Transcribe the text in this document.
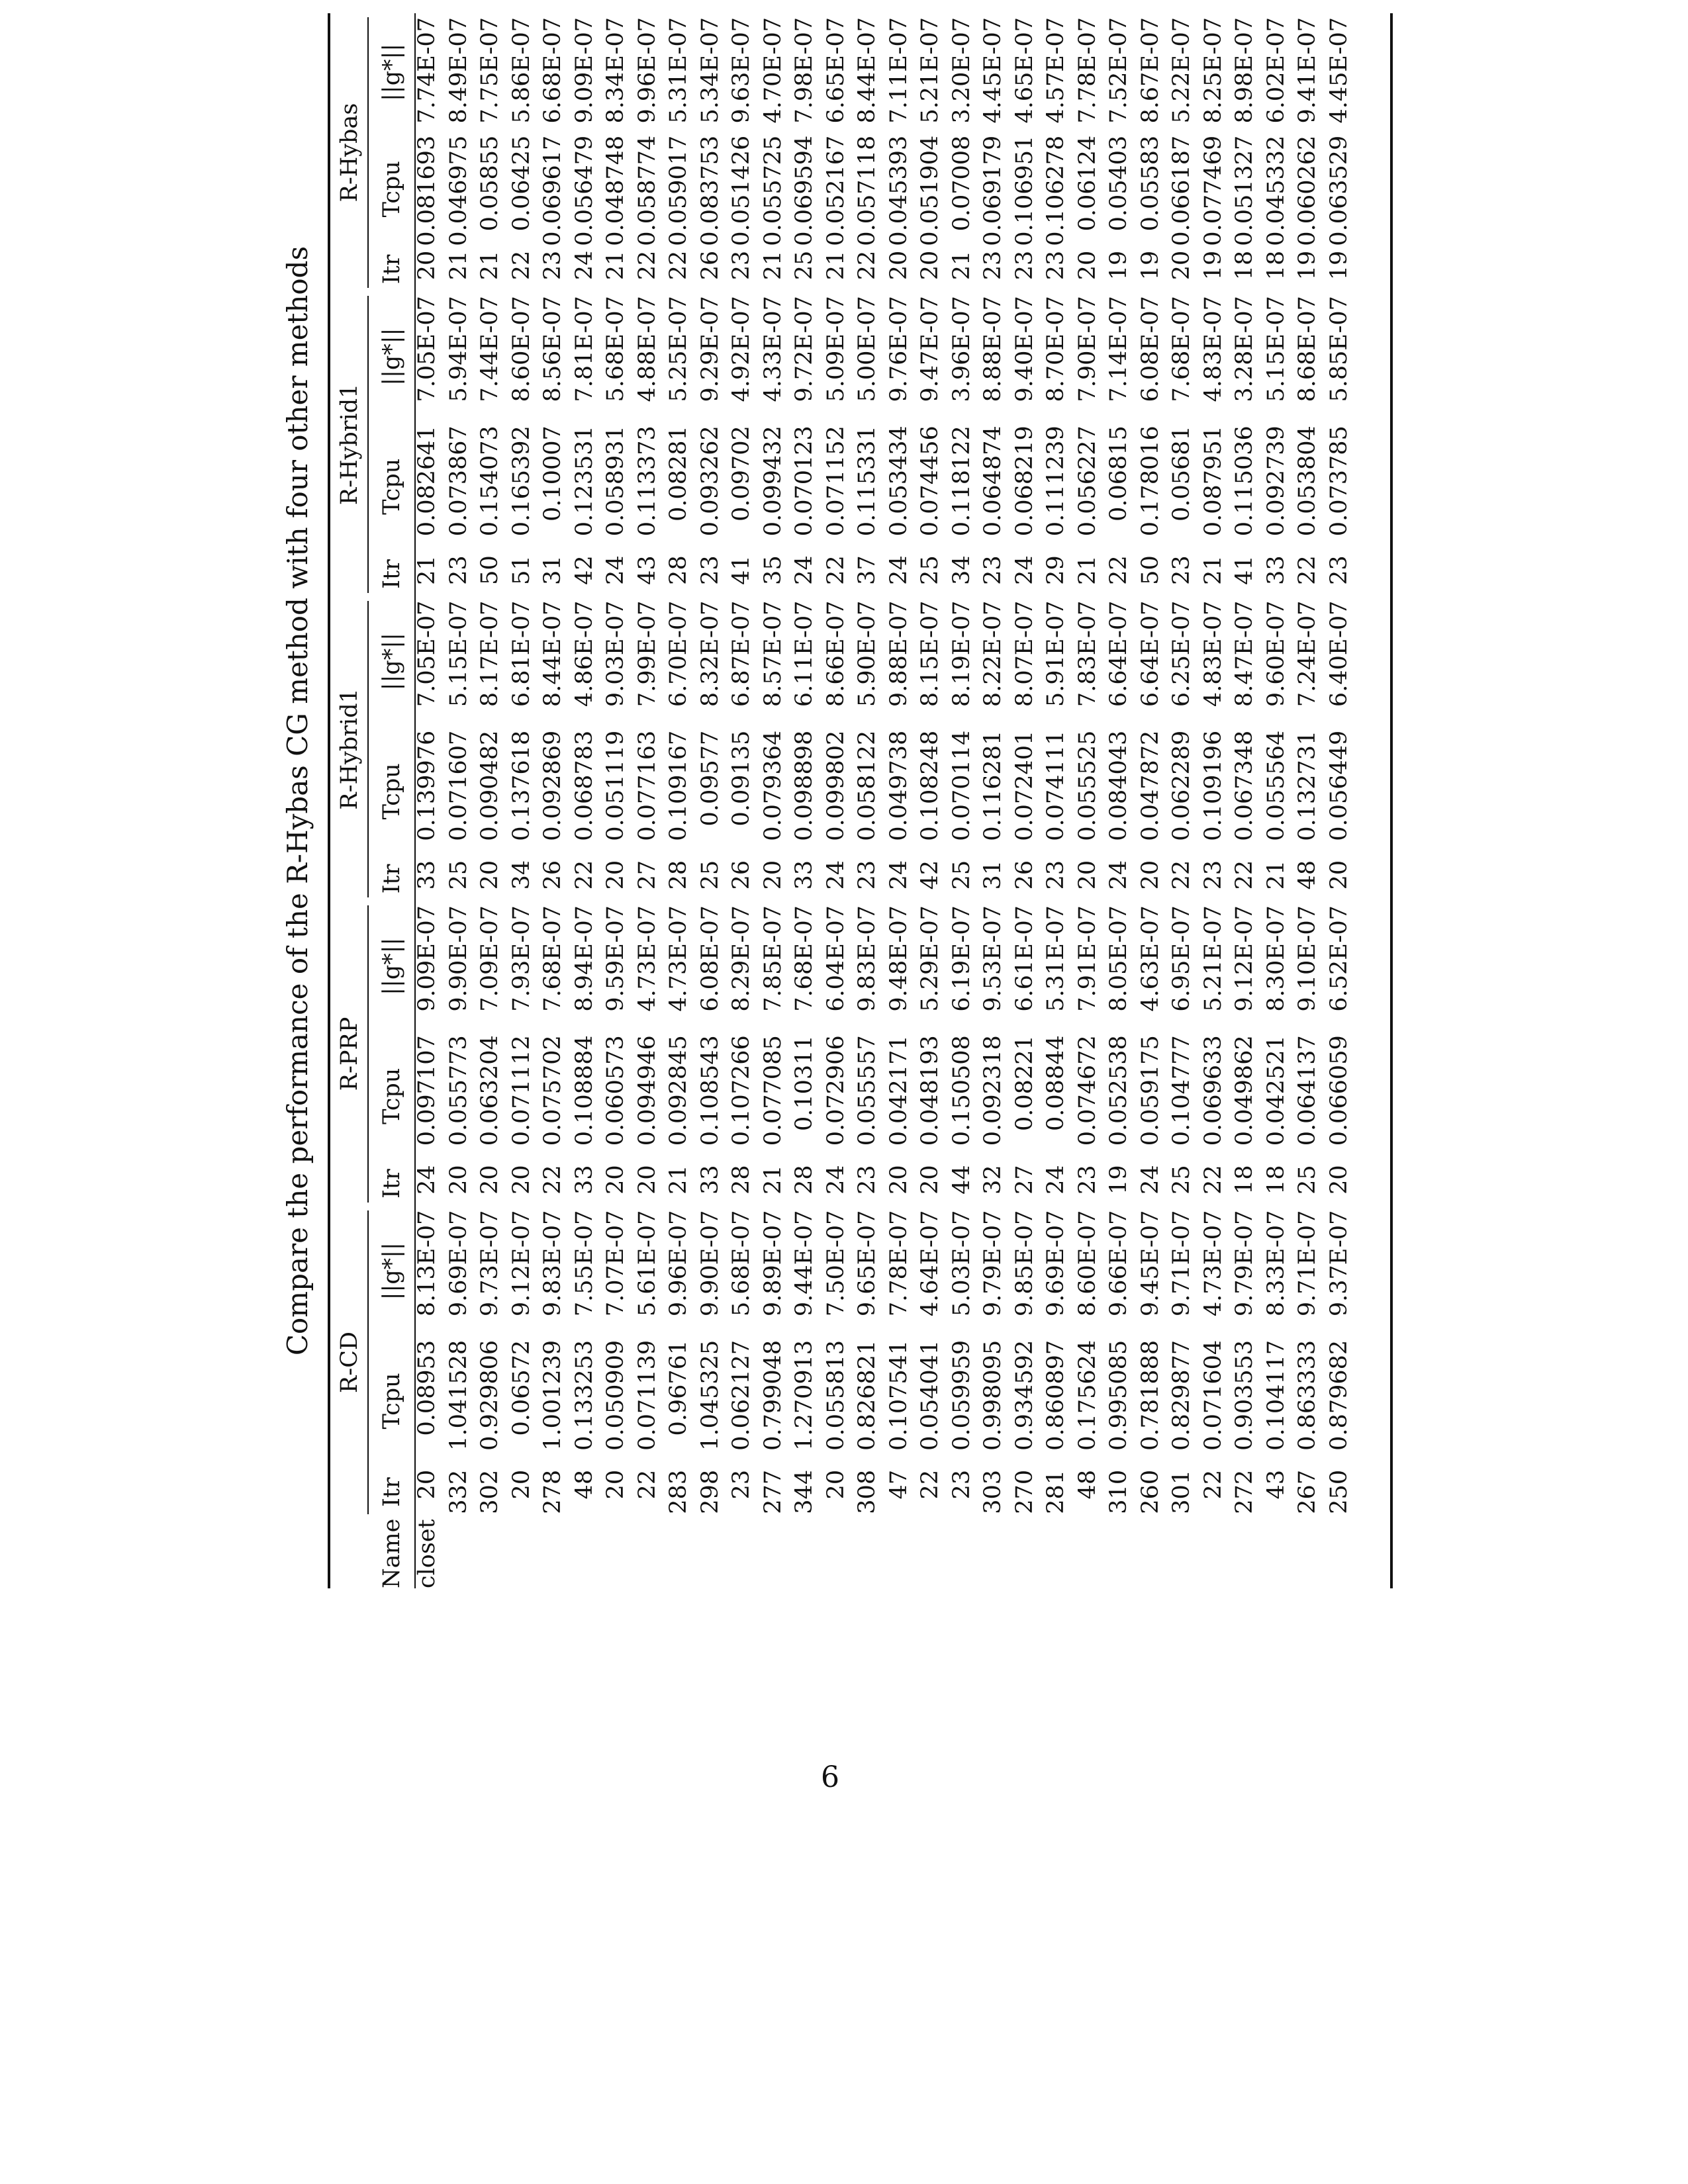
Compare the performance of the R-Hybas CG method with four other methods

	R-CD			R-PRP			R-Hybrid1			R-Hybrid1			R-Hybas		

Name	Itr	Tcpu	||g*||	Itr	Tcpu	||g*||	Itr	Tcpu	||g*||	Itr	Tcpu	||g*||	Itr	Tcpu	||g*||
closet	20	0.08953	8.13E-07	24	0.097107	9.09E-07	33	0.139976	7.05E-07	21	0.082641	7.05E-07	20	0.081693	7.74E-07
	332	1.041528	9.69E-07	20	0.055773	9.90E-07	25	0.071607	5.15E-07	23	0.073867	5.94E-07	21	0.046975	8.49E-07
	302	0.929806	9.73E-07	20	0.063204	7.09E-07	20	0.090482	8.17E-07	50	0.154073	7.44E-07	21	0.05855	7.75E-07
	20	0.06572	9.12E-07	20	0.071112	7.93E-07	34	0.137618	6.81E-07	51	0.165392	8.60E-07	22	0.06425	5.86E-07
	278	1.001239	9.83E-07	22	0.075702	7.68E-07	26	0.092869	8.44E-07	31	0.10007	8.56E-07	23	0.069617	6.68E-07
	48	0.133253	7.55E-07	33	0.108884	8.94E-07	22	0.068783	4.86E-07	42	0.123531	7.81E-07	24	0.056479	9.09E-07
	20	0.050909	7.07E-07	20	0.060573	9.59E-07	20	0.051119	9.03E-07	24	0.058931	5.68E-07	21	0.048748	8.34E-07
	22	0.071139	5.61E-07	20	0.094946	4.73E-07	27	0.077163	7.99E-07	43	0.113373	4.88E-07	22	0.058774	9.96E-07
	283	0.96761	9.96E-07	21	0.092845	4.73E-07	28	0.109167	6.70E-07	28	0.08281	5.25E-07	22	0.059017	5.31E-07
	298	1.045325	9.90E-07	33	0.108543	6.08E-07	25	0.09577	8.32E-07	23	0.093262	9.29E-07	26	0.083753	5.34E-07
	23	0.062127	5.68E-07	28	0.107266	8.29E-07	26	0.09135	6.87E-07	41	0.09702	4.92E-07	23	0.051426	9.63E-07
	277	0.799048	9.89E-07	21	0.077085	7.85E-07	20	0.079364	8.57E-07	35	0.099432	4.33E-07	21	0.055725	4.70E-07
	344	1.270913	9.44E-07	28	0.10311	7.68E-07	33	0.098898	6.11E-07	24	0.070123	9.72E-07	25	0.069594	7.98E-07
	20	0.055813	7.50E-07	24	0.072906	6.04E-07	24	0.099802	8.66E-07	22	0.071152	5.09E-07	21	0.052167	6.65E-07
	308	0.826821	9.65E-07	23	0.055557	9.83E-07	23	0.058122	5.90E-07	37	0.115331	5.00E-07	22	0.057118	8.44E-07
	47	0.107541	7.78E-07	20	0.042171	9.48E-07	24	0.049738	9.88E-07	24	0.053434	9.76E-07	20	0.045393	7.11E-07
	22	0.054041	4.64E-07	20	0.048193	5.29E-07	42	0.108248	8.15E-07	25	0.074456	9.47E-07	20	0.051904	5.21E-07
	23	0.059959	5.03E-07	44	0.150508	6.19E-07	25	0.070114	8.19E-07	34	0.118122	3.96E-07	21	0.07008	3.20E-07
	303	0.998095	9.79E-07	32	0.092318	9.53E-07	31	0.116281	8.22E-07	23	0.064874	8.88E-07	23	0.069179	4.45E-07
	270	0.934592	9.85E-07	27	0.08221	6.61E-07	26	0.072401	8.07E-07	24	0.068219	9.40E-07	23	0.106951	4.65E-07
	281	0.860897	9.69E-07	24	0.08844	5.31E-07	23	0.074111	5.91E-07	29	0.111239	8.70E-07	23	0.106278	4.57E-07
	48	0.175624	8.60E-07	23	0.074672	7.91E-07	20	0.055525	7.83E-07	21	0.056227	7.90E-07	20	0.06124	7.78E-07
	310	0.995085	9.66E-07	19	0.052538	8.05E-07	24	0.084043	6.64E-07	22	0.06815	7.14E-07	19	0.05403	7.52E-07
	260	0.781888	9.45E-07	24	0.059175	4.63E-07	20	0.047872	6.64E-07	50	0.178016	6.08E-07	19	0.05583	8.67E-07
	301	0.829877	9.71E-07	25	0.104777	6.95E-07	22	0.062289	6.25E-07	23	0.05681	7.68E-07	20	0.066187	5.22E-07
	22	0.071604	4.73E-07	22	0.069633	5.21E-07	23	0.109196	4.83E-07	21	0.087951	4.83E-07	19	0.077469	8.25E-07
	272	0.903553	9.79E-07	18	0.049862	9.12E-07	22	0.067348	8.47E-07	41	0.115036	3.28E-07	18	0.051327	8.98E-07
	43	0.104117	8.33E-07	18	0.042521	8.30E-07	21	0.055564	9.60E-07	33	0.092739	5.15E-07	18	0.045332	6.02E-07
	267	0.863333	9.71E-07	25	0.064137	9.10E-07	48	0.132731	7.24E-07	22	0.053804	8.68E-07	19	0.060262	9.41E-07
	250	0.879682	9.37E-07	20	0.066059	6.52E-07	20	0.056449	6.40E-07	23	0.073785	5.85E-07	19	0.063529	4.45E-07
6
